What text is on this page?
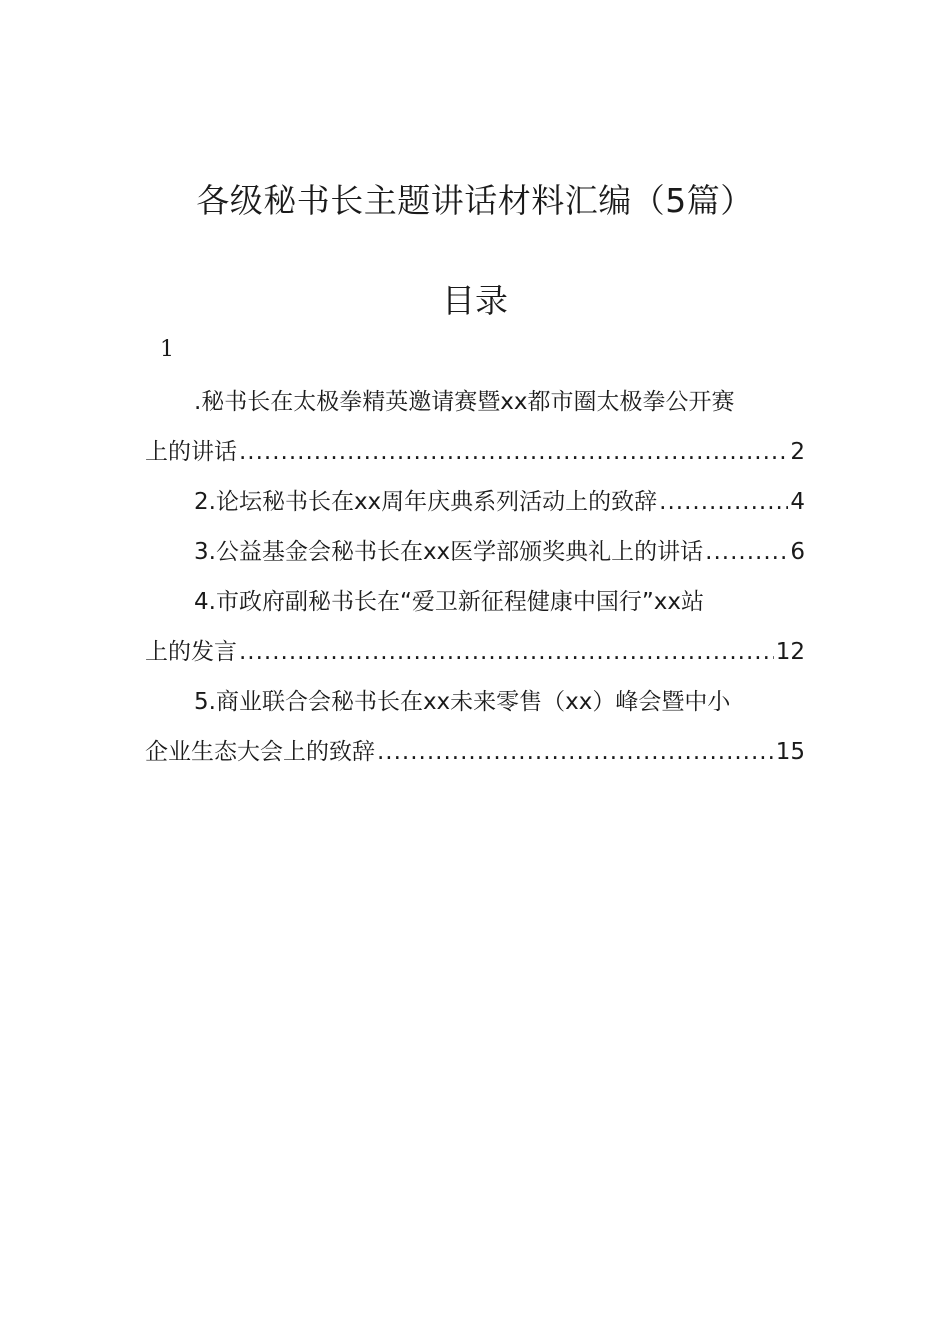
各级秘书长主题讲话材料汇编（5篇）
目录
1
.秘书长在太极拳精英邀请赛暨xx都市圈太极拳公开赛
上的讲话 .....	2
2.论坛秘书长在xx周年庆典系列活动上的致辞 .....	4
3.公益基金会秘书长在xx医学部颁奖典礼上的讲话 .....	6
4.市政府副秘书长在“爱卫新征程健康中国行”xx站
上的发言 .....	12
5.商业联合会秘书长在xx未来零售（xx）峰会暨中小
企业生态大会上的致辞 .....	15
